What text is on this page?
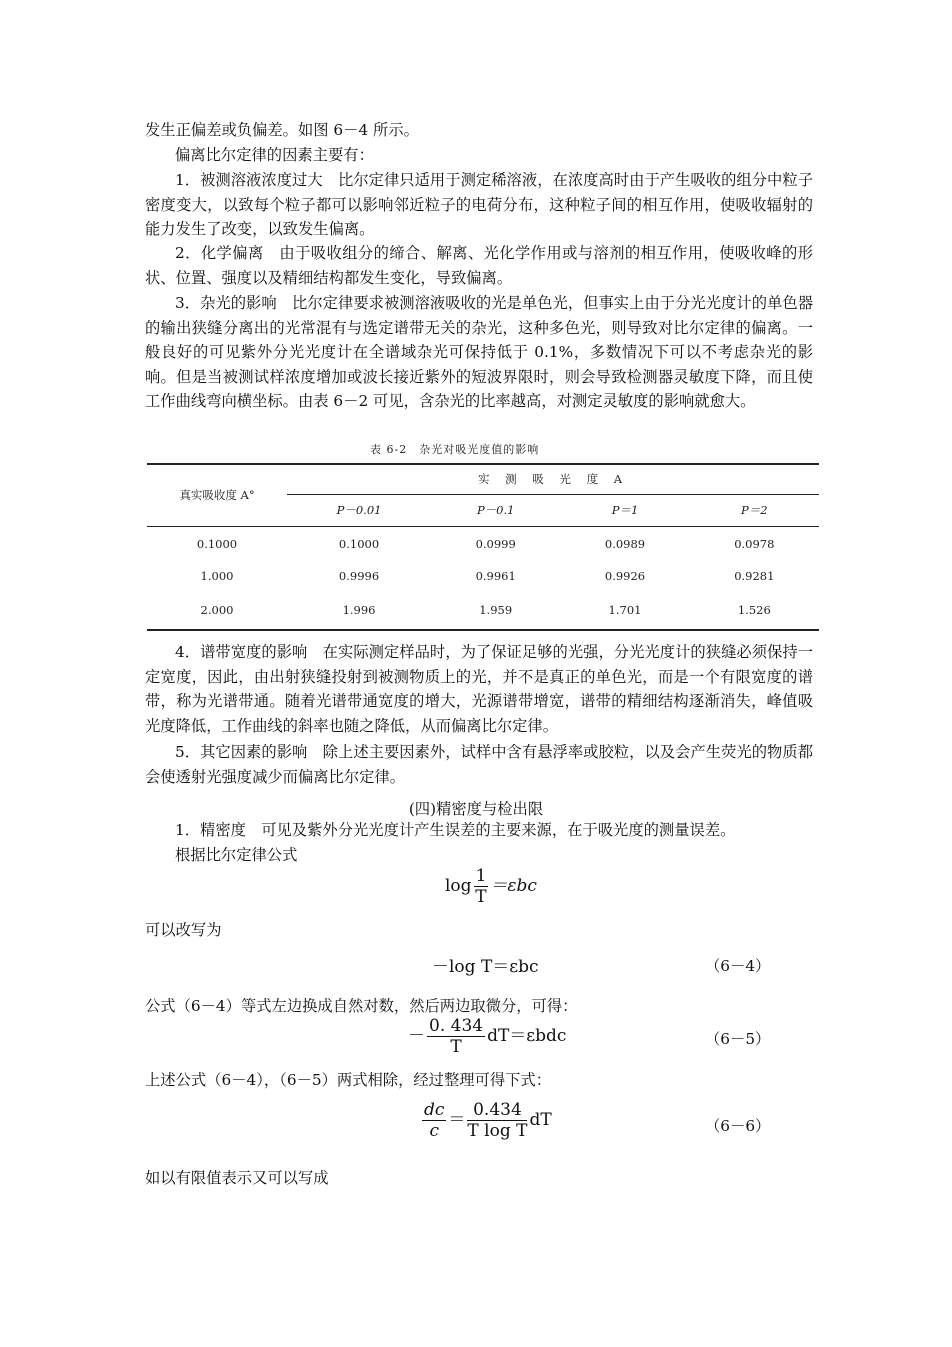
发生正偏差或负偏差。如图 6－4 所示。

偏离比尔定律的因素主要有：

1．被测溶液浓度过大　比尔定律只适用于测定稀溶液，在浓度高时由于产生吸收的组分中粒子密度变大，以致每个粒子都可以影响邻近粒子的电荷分布，这种粒子间的相互作用，使吸收辐射的能力发生了改变，以致发生偏离。

2．化学偏离　由于吸收组分的缔合、解离、光化学作用或与溶剂的相互作用，使吸收峰的形状、位置、强度以及精细结构都发生变化，导致偏离。

3．杂光的影响　比尔定律要求被测溶液吸收的光是单色光，但事实上由于分光光度计的单色器的输出狭缝分离出的光常混有与选定谱带无关的杂光，这种多色光，则导致对比尔定律的偏离。一般良好的可见紫外分光光度计在全谱域杂光可保持低于 0.1%，多数情况下可以不考虑杂光的影响。但是当被测试样浓度增加或波长接近紫外的短波界限时，则会导致检测器灵敏度下降，而且使工作曲线弯向横坐标。由表 6－2 可见，含杂光的比率越高，对测定灵敏度的影响就愈大。

表 6-2　杂光对吸光度值的影响
真实吸收度 A°	实 测 吸 光 度 A			
	P－0.01	P－0.1	P＝1	P＝2
0.1000	0.1000	0.0999	0.0989	0.0978
1.000	0.9996	0.9961	0.9926	0.9281
2.000	1.996	1.959	1.701	1.526

4．谱带宽度的影响　在实际测定样品时，为了保证足够的光强，分光光度计的狭缝必须保持一定宽度，因此，由出射狭缝投射到被测物质上的光，并不是真正的单色光，而是一个有限宽度的谱带，称为光谱带通。随着光谱带通宽度的增大，光源谱带增宽，谱带的精细结构逐渐消失，峰值吸光度降低，工作曲线的斜率也随之降低，从而偏离比尔定律。

5．其它因素的影响　除上述主要因素外，试样中含有悬浮率或胶粒，以及会产生荧光的物质都会使透射光强度减少而偏离比尔定律。

(四)精密度与检出限

1．精密度　可见及紫外分光光度计产生误差的主要来源，在于吸光度的测量误差。

根据比尔定律公式

$\log \frac{1}{T} =\varepsilon bc$

可以改写为

－log T＝εbc	（6－4）

公式（6－4）等式左边换成自然对数，然后两边取微分，可得：

－ $\frac{0. 434}{T} dT=\varepsilon bdc$	（6－5）

上述公式（6－4），（6－5）两式相除，经过整理可得下式：

$\frac{dc}{c} = \frac{0.434}{\text{T log T}}$ dT	（6－6）

如以有限值表示又可以写成
